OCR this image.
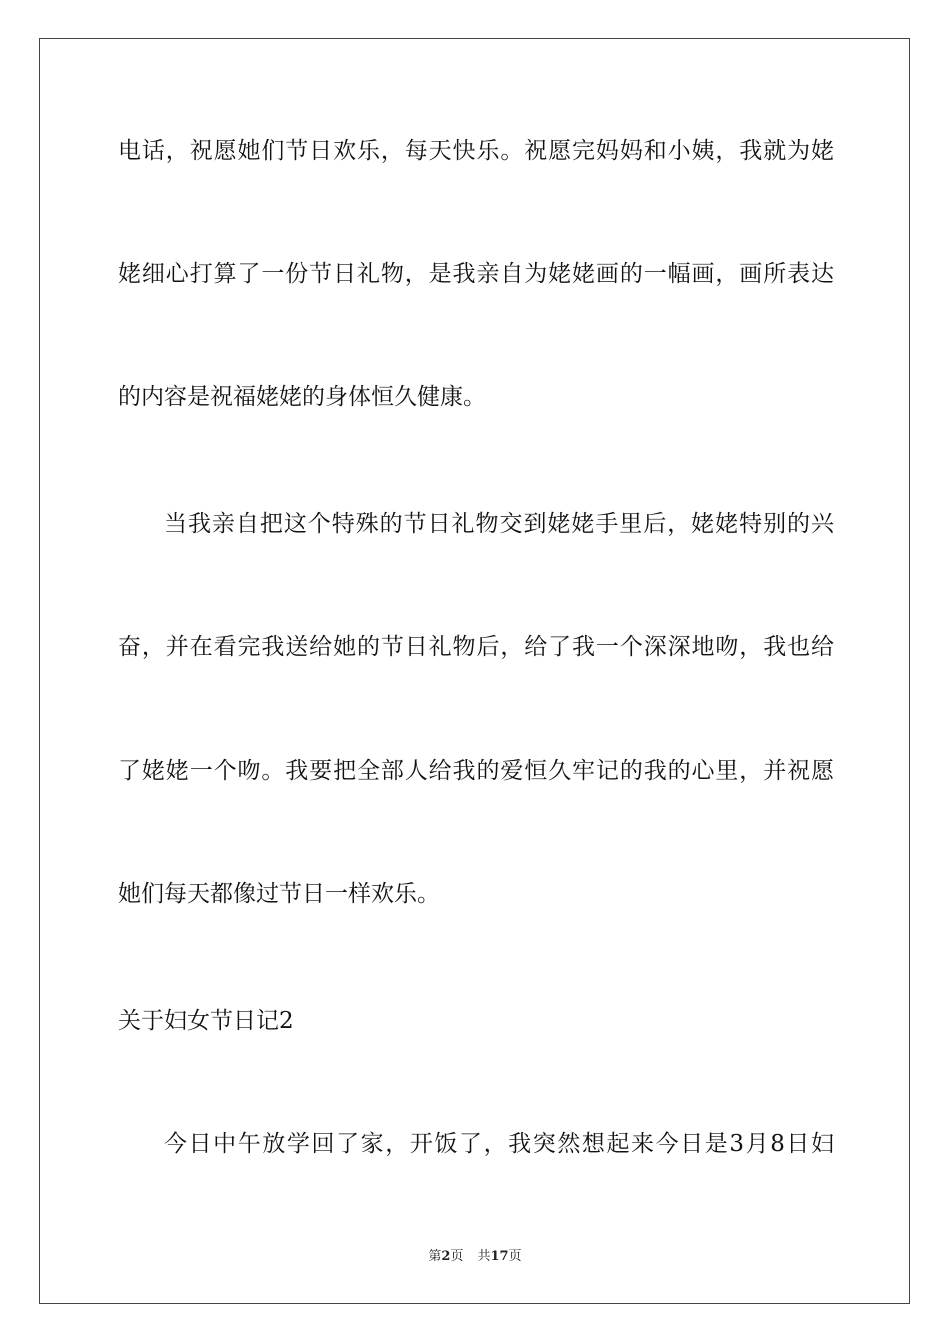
电话，祝愿她们节日欢乐，每天快乐。祝愿完妈妈和小姨，我就为姥
姥细心打算了一份节日礼物，是我亲自为姥姥画的一幅画，画所表达
的内容是祝福姥姥的身体恒久健康。
当我亲自把这个特殊的节日礼物交到姥姥手里后，姥姥特别的兴
奋，并在看完我送给她的节日礼物后，给了我一个深深地吻，我也给
了姥姥一个吻。我要把全部人给我的爱恒久牢记的我的心里，并祝愿
她们每天都像过节日一样欢乐。
关于妇女节日记2
今日中午放学回了家，开饭了，我突然想起来今日是3月8日妇
第2页 共17页
